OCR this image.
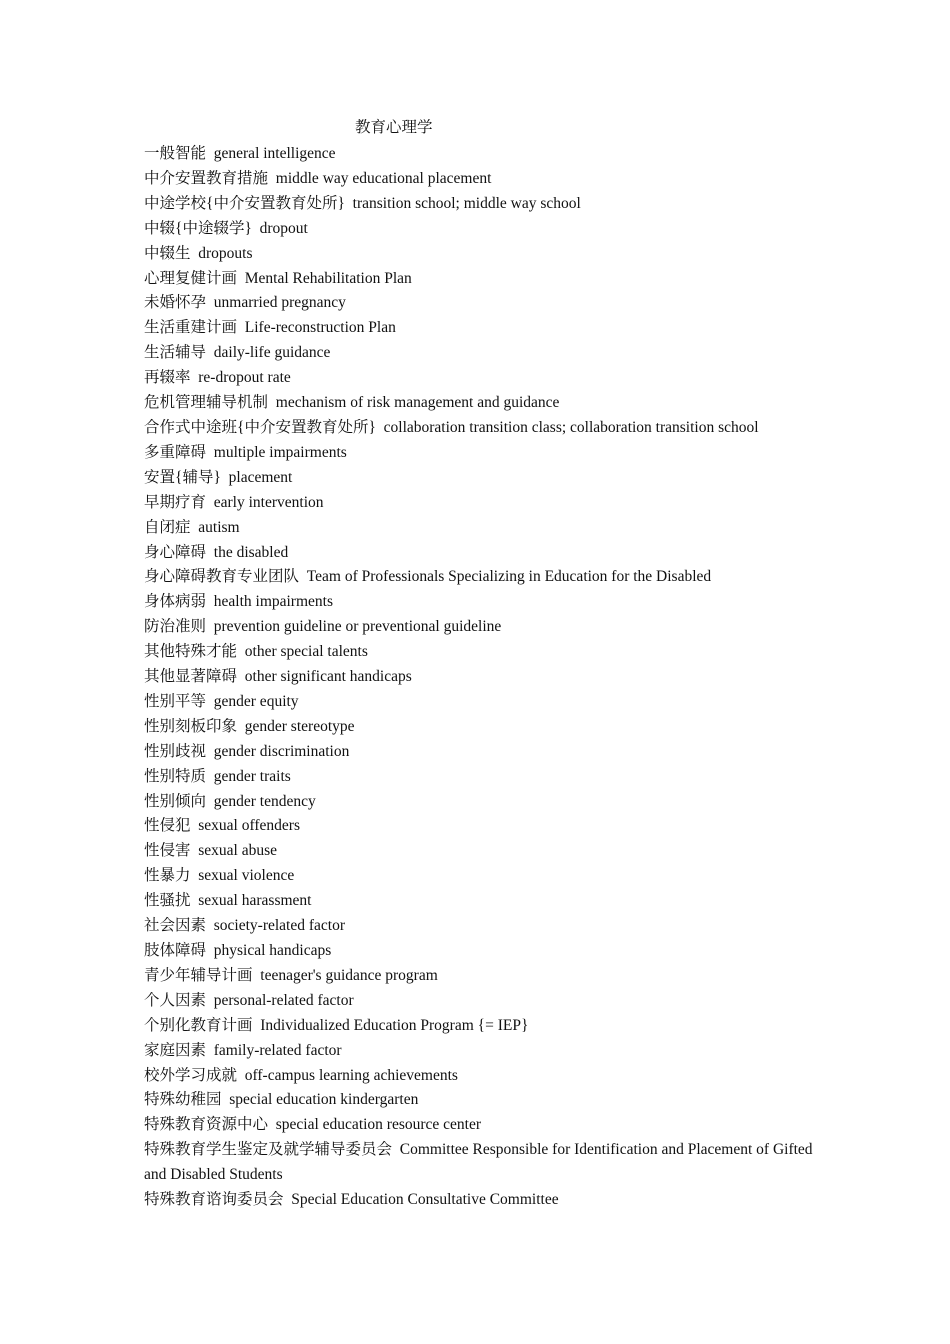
教育心理学
一般智能 general intelligence
中介安置教育措施 middle way educational placement
中途学校{中介安置教育处所} transition school; middle way school
中辍{中途辍学} dropout
中辍生 dropouts
心理复健计画 Mental Rehabilitation Plan
未婚怀孕 unmarried pregnancy
生活重建计画 Life-reconstruction Plan
生活辅导 daily-life guidance
再辍率 re-dropout rate
危机管理辅导机制 mechanism of risk management and guidance
合作式中途班{中介安置教育处所} collaboration transition class; collaboration transition school
多重障碍 multiple impairments
安置{辅导} placement
早期疗育 early intervention
自闭症 autism
身心障碍 the disabled
身心障碍教育专业团队 Team of Professionals Specializing in Education for the Disabled
身体病弱 health impairments
防治准则 prevention guideline or preventional guideline
其他特殊才能 other special talents
其他显著障碍 other significant handicaps
性别平等 gender equity
性别刻板印象 gender stereotype
性别歧视 gender discrimination
性别特质 gender traits
性别倾向 gender tendency
性侵犯 sexual offenders
性侵害 sexual abuse
性暴力 sexual violence
性骚扰 sexual harassment
社会因素 society-related factor
肢体障碍 physical handicaps
青少年辅导计画 teenager's guidance program
个人因素 personal-related factor
个别化教育计画 Individualized Education Program {= IEP}
家庭因素 family-related factor
校外学习成就 off-campus learning achievements
特殊幼稚园 special education kindergarten
特殊教育资源中心 special education resource center
特殊教育学生鉴定及就学辅导委员会 Committee Responsible for Identification and Placement of Gifted and Disabled Students
特殊教育谘询委员会 Special Education Consultative Committee
